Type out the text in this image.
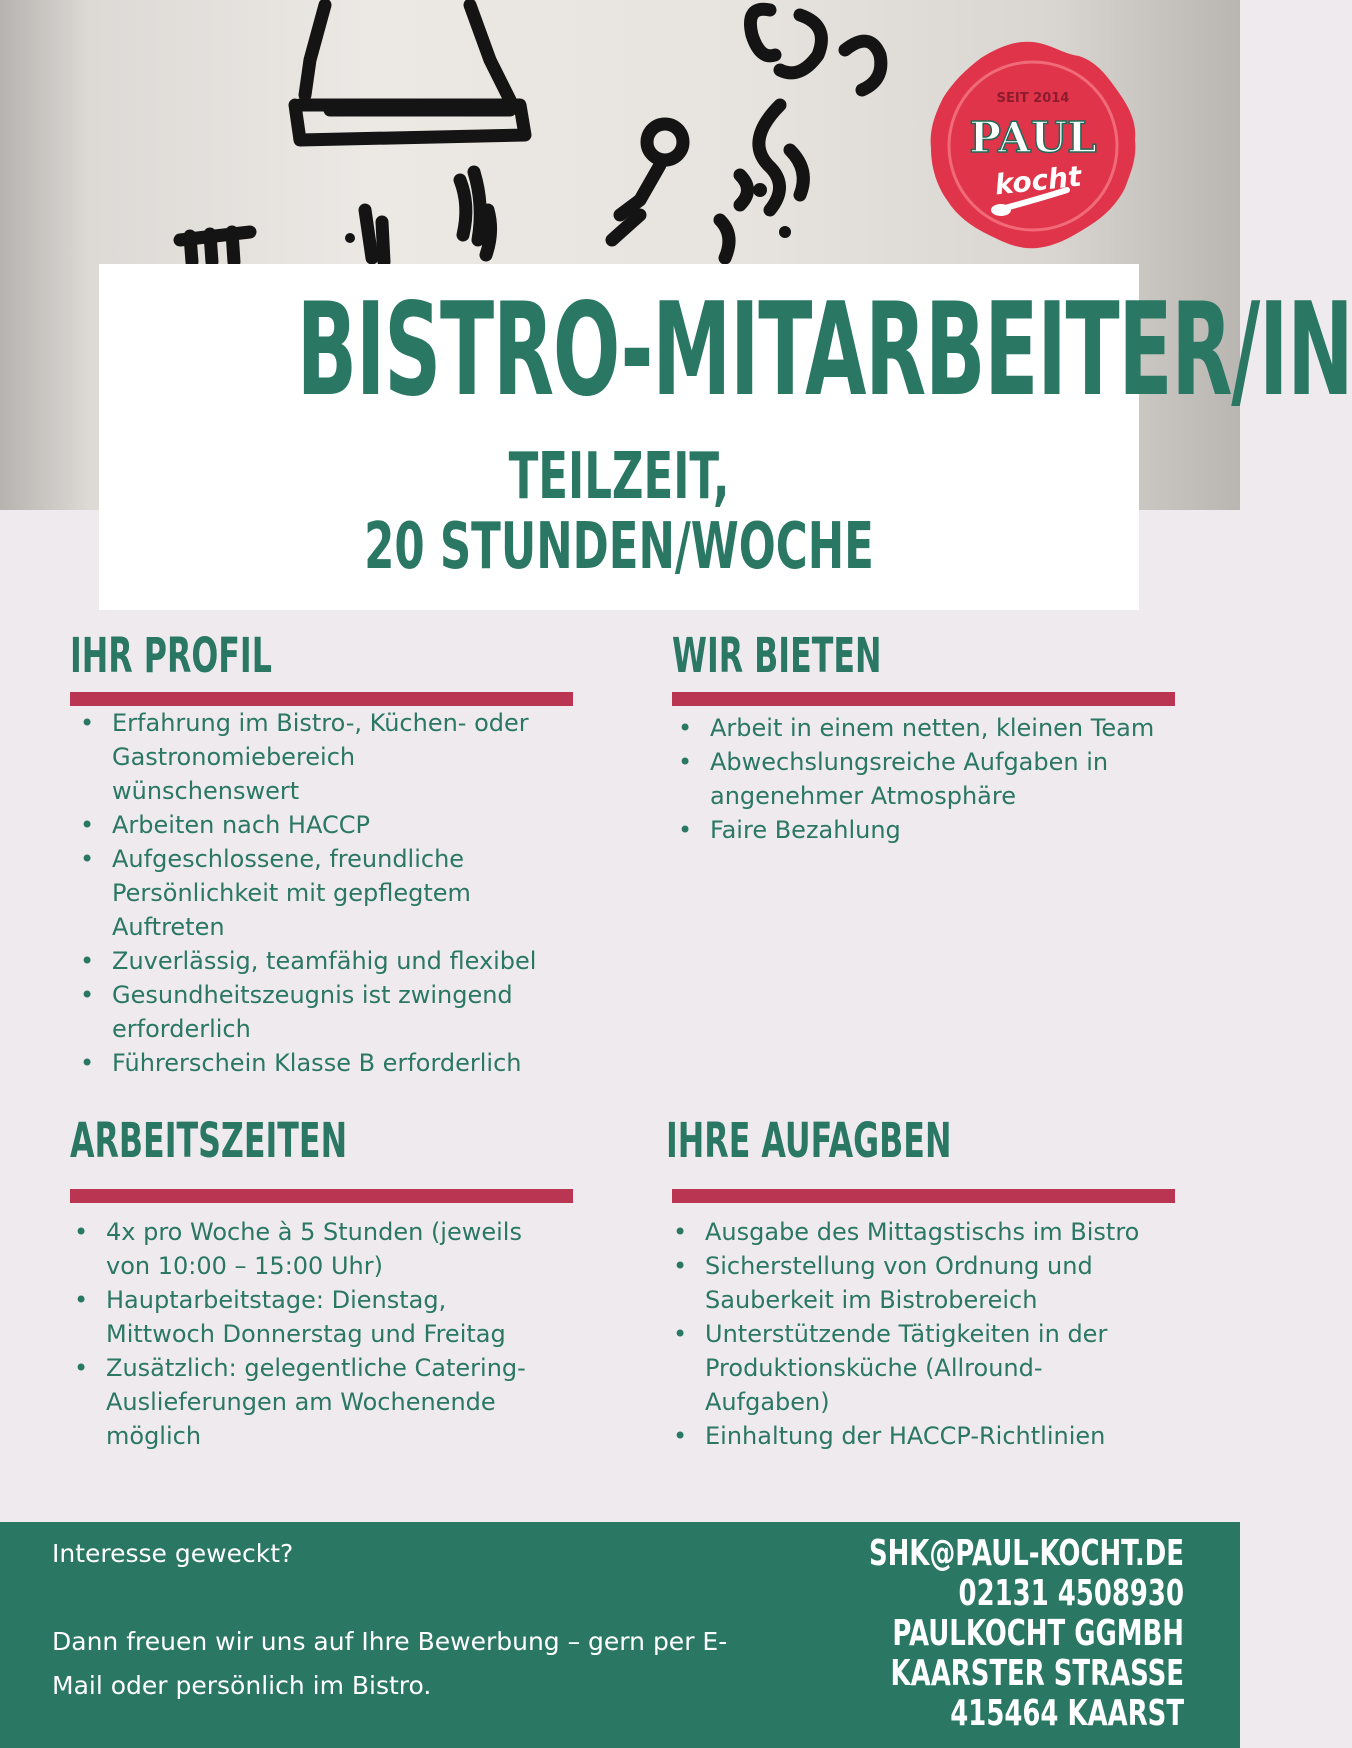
SEIT 2014
PAUL
kocht
BISTRO-MITARBEITER/IN
TEILZEIT,
20 STUNDEN/WOCHE
IHR PROFIL
• Erfahrung im Bistro-, Küchen- oder
Gastronomiebereich
wünschenswert
• Arbeiten nach HACCP
• Aufgeschlossene, freundliche
Persönlichkeit mit gepflegtem
Auftreten
• Zuverlässig, teamfähig und flexibel
• Gesundheitszeugnis ist zwingend
erforderlich
• Führerschein Klasse B erforderlich
WIR BIETEN
• Arbeit in einem netten, kleinen Team
• Abwechslungsreiche Aufgaben in
angenehmer Atmosphäre
• Faire Bezahlung
ARBEITSZEITEN
• 4x pro Woche à 5 Stunden (jeweils
von 10:00 – 15:00 Uhr)
• Hauptarbeitstage: Dienstag,
Mittwoch Donnerstag und Freitag
• Zusätzlich: gelegentliche Catering-
Auslieferungen am Wochenende
möglich
IHRE AUFAGBEN
• Ausgabe des Mittagstischs im Bistro
• Sicherstellung von Ordnung und
Sauberkeit im Bistrobereich
• Unterstützende Tätigkeiten in der
Produktionsküche (Allround-
Aufgaben)
• Einhaltung der HACCP-Richtlinien

Interesse geweckt?

Dann freuen wir uns auf Ihre Bewerbung – gern per E-

Mail oder persönlich im Bistro.

SHK@PAUL-KOCHT.DE
02131 4508930
PAULKOCHT GGMBH
KAARSTER STRASSE
415464 KAARST
